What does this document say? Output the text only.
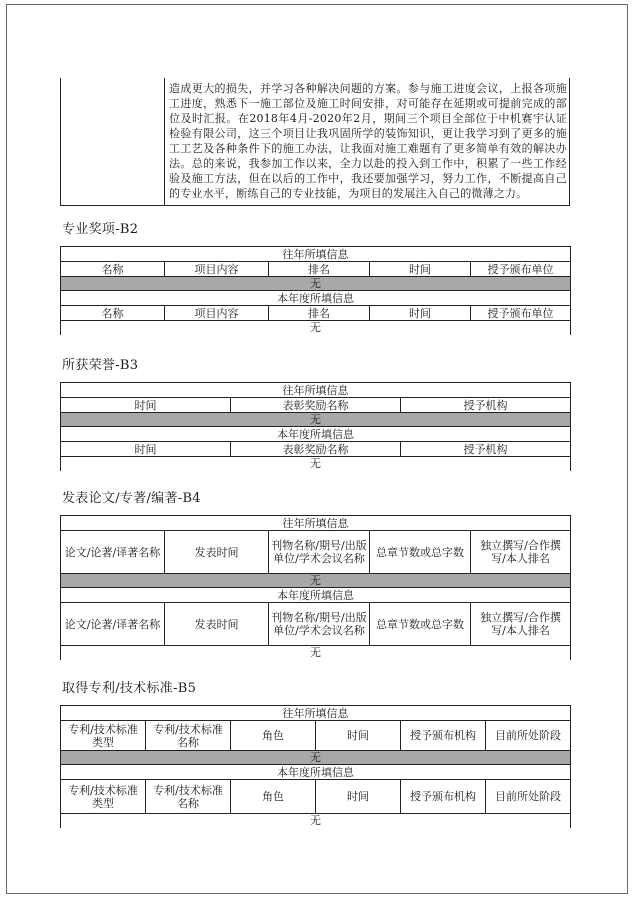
造成更大的损失，并学习各种解决问题的方案。参与施工进度会议，上报各项施工进度，熟悉下一施工部位及施工时间安排，对可能存在延期或可提前完成的部位及时汇报。在2018年4月-2020年2月，期间三个项目全部位于中机赛宇认证检验有限公司，这三个项目让我巩固所学的装饰知识，更让我学习到了更多的施工工艺及各种条件下的施工办法，让我面对施工难题有了更多简单有效的解决办法。总的来说，我参加工作以来，全力以赴的投入到工作中，积累了一些工作经验及施工方法，但在以后的工作中，我还要加强学习，努力工作，不断提高自己的专业水平，断练自己的专业技能，为项目的发展注入自己的微薄之力。

专业奖项-B2
往年所填信息				
名称	项目内容	排名	时间	授予颁布单位
无				
本年度所填信息				
名称	项目内容	排名	时间	授予颁布单位
无				
所获荣誉-B3
往年所填信息		
时间	表彰奖励名称	授予机构
无		
本年度所填信息		
时间	表彰奖励名称	授予机构
无		
发表论文/专著/编著-B4
往年所填信息				
论文/论著/译著名称	发表时间	刊物名称/期号/出版单位/学术会议名称	总章节数或总字数	独立撰写/合作撰写/本人排名
无				
本年度所填信息				
论文/论著/译著名称	发表时间	刊物名称/期号/出版单位/学术会议名称	总章节数或总字数	独立撰写/合作撰写/本人排名
无				
取得专利/技术标准-B5
往年所填信息					
专利/技术标准类型	专利/技术标准名称	角色	时间	授予颁布机构	目前所处阶段
无					
本年度所填信息					
专利/技术标准类型	专利/技术标准名称	角色	时间	授予颁布机构	目前所处阶段
无					
